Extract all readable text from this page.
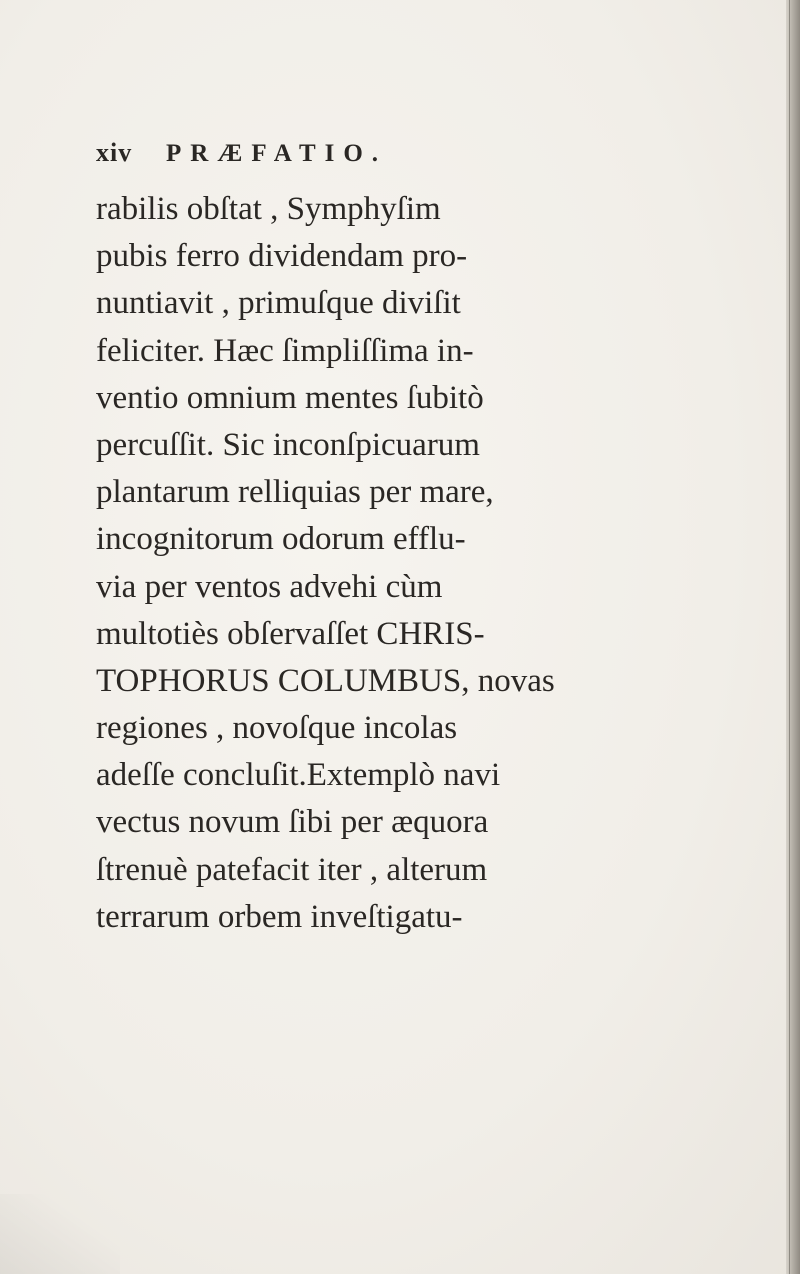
xiv	PRÆFATIO.
rabilis obſtat , Symphyſim
pubis ferro dividendam pro-
nuntiavit , primuſque diviſit
feliciter. Hæc ſimpliſſima in-
ventio omnium mentes ſubitò
percuſſit. Sic inconſpicuarum
plantarum relliquias per mare,
incognitorum odorum efflu-
via per ventos advehi cùm
multotiès obſervaſſet CHRIS-
TOPHORUS COLUMBUS, novas
regiones , novoſque incolas
adeſſe concluſit.Extemplò navi
vectus novum ſibi per æquora
ſtrenuè patefacit iter , alterum
terrarum orbem inveſtigatu-
